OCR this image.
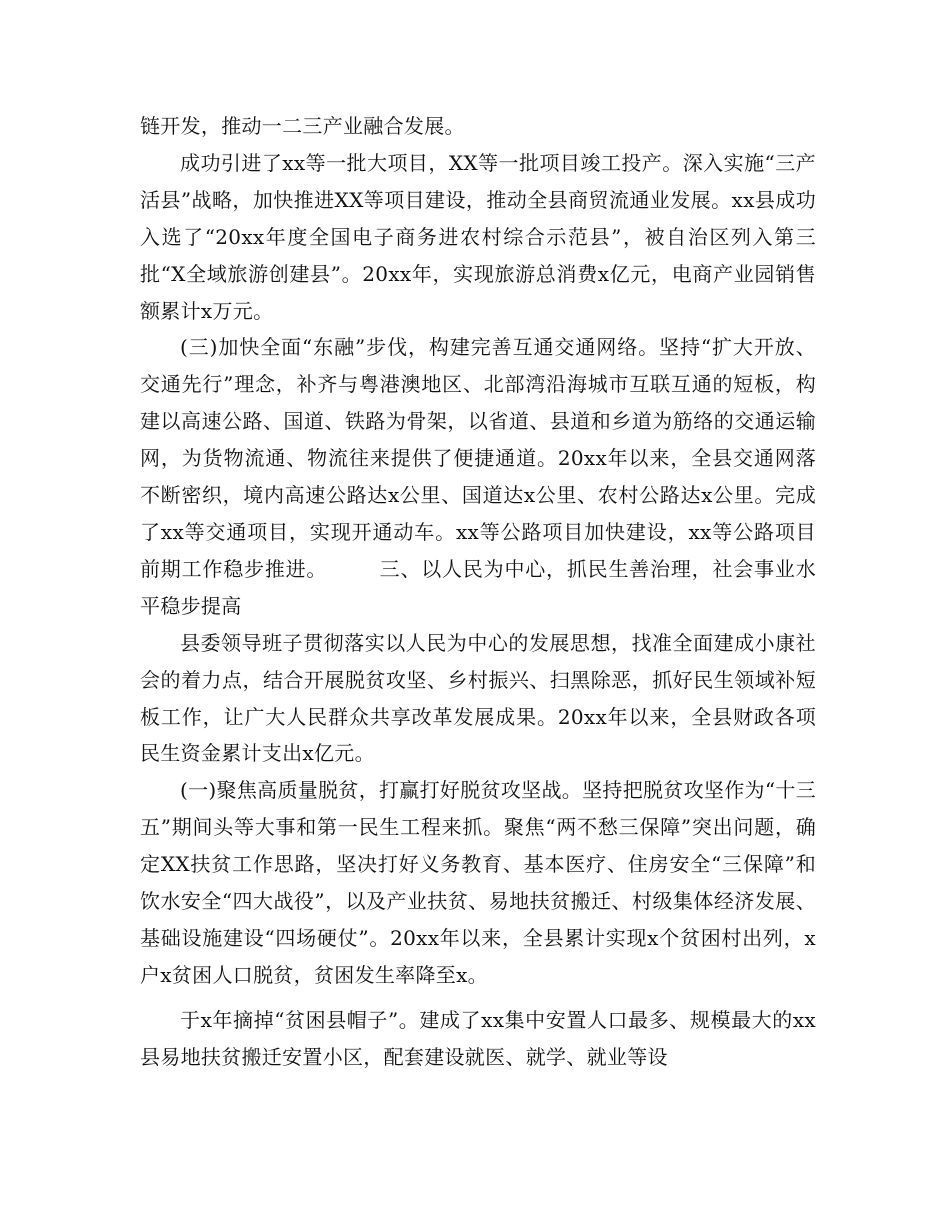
链开发，推动一二三产业融合发展。

成功引进了xx等一批大项目，XX等一批项目竣工投产。深入实施“三产活县”战略，加快推进XX等项目建设，推动全县商贸流通业发展。xx县成功入选了“20xx年度全国电子商务进农村综合示范县”，被自治区列入第三批“X全域旅游创建县”。20xx年，实现旅游总消费x亿元，电商产业园销售额累计x万元。

(三)加快全面“东融”步伐，构建完善互通交通网络。坚持“扩大开放、交通先行”理念，补齐与粤港澳地区、北部湾沿海城市互联互通的短板，构建以高速公路、国道、铁路为骨架，以省道、县道和乡道为筋络的交通运输网，为货物流通、物流往来提供了便捷通道。20xx年以来，全县交通网落不断密织，境内高速公路达x公里、国道达x公里、农村公路达x公里。完成了xx等交通项目，实现开通动车。xx等公路项目加快建设，xx等公路项目前期工作稳步推进。　　　三、以人民为中心，抓民生善治理，社会事业水平稳步提高

县委领导班子贯彻落实以人民为中心的发展思想，找准全面建成小康社会的着力点，结合开展脱贫攻坚、乡村振兴、扫黑除恶，抓好民生领域补短板工作，让广大人民群众共享改革发展成果。20xx年以来，全县财政各项民生资金累计支出x亿元。

(一)聚焦高质量脱贫，打赢打好脱贫攻坚战。坚持把脱贫攻坚作为“十三五”期间头等大事和第一民生工程来抓。聚焦“两不愁三保障”突出问题，确定XX扶贫工作思路，坚决打好义务教育、基本医疗、住房安全“三保障”和饮水安全“四大战役”，以及产业扶贫、易地扶贫搬迁、村级集体经济发展、基础设施建设“四场硬仗”。20xx年以来，全县累计实现x个贫困村出列，x户x贫困人口脱贫，贫困发生率降至x。

于x年摘掉“贫困县帽子”。建成了xx集中安置人口最多、规模最大的xx县易地扶贫搬迁安置小区，配套建设就医、就学、就业等设
